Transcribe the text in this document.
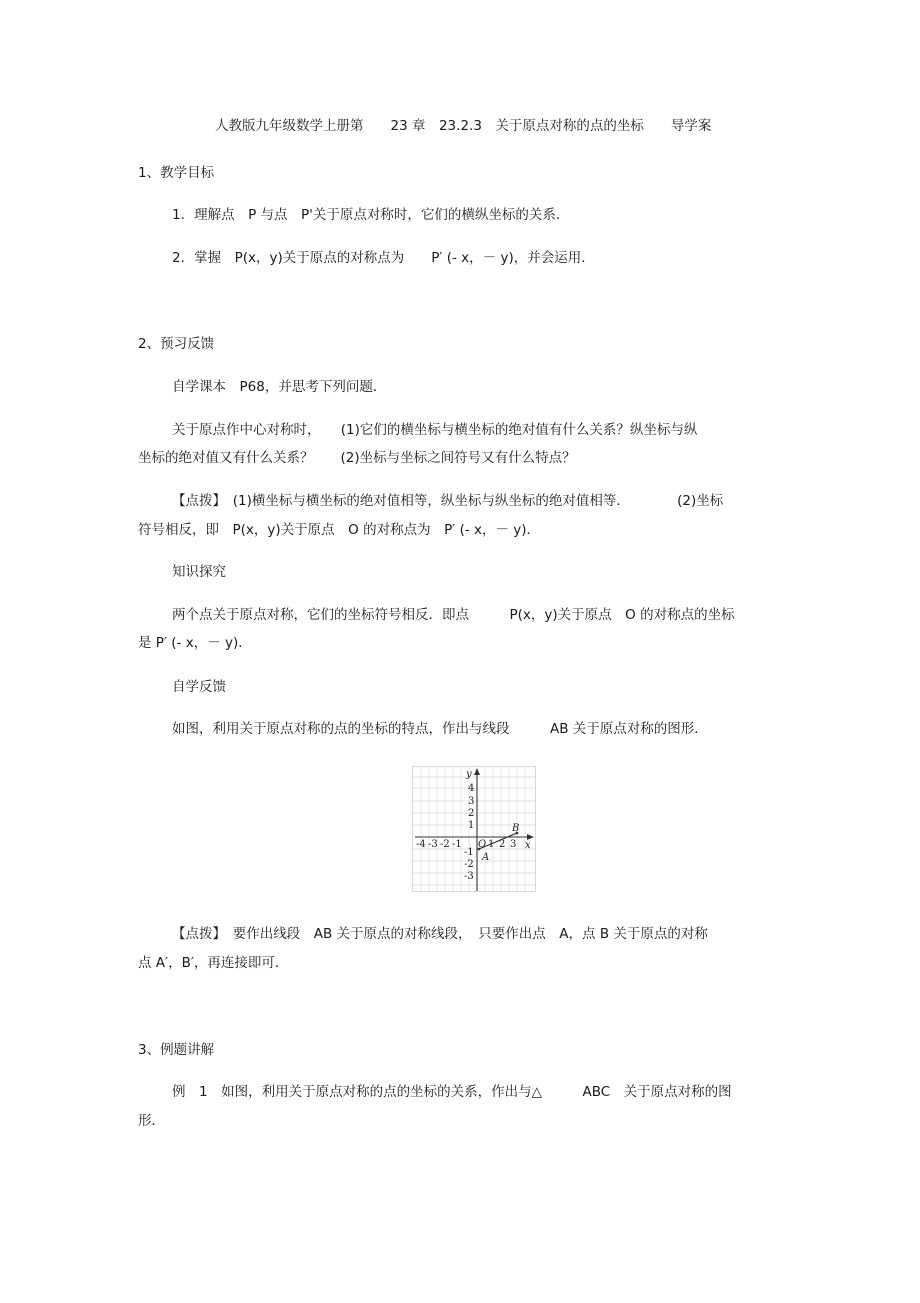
人教版九年级数学上册第　　23 章　23.2.3　关于原点对称的点的坐标　　导学案
1、教学目标
1．理解点　P 与点　P'关于原点对称时，它们的横纵坐标的关系．
2．掌握　P(x，y)关于原点的对称点为　　P′ (- x，－ y)，并会运用．
2、预习反馈
自学课本　P68，并思考下列问题．
关于原点作中心对称时，　　(1)它们的横坐标与横坐标的绝对值有什么关系？纵坐标与纵
坐标的绝对值又有什么关系？　　(2)坐标与坐标之间符号又有什么特点？
【点拨】　(1)横坐标与横坐标的绝对值相等，纵坐标与纵坐标的绝对值相等．　　　　(2)坐标
符号相反，即　P(x，y)关于原点　O 的对称点为　P′ (- x，－ y)．
知识探究
两个点关于原点对称，它们的坐标符号相反．即点　　　P(x，y)关于原点　O 的对称点的坐标
是 P′ (- x，－ y)．
自学反馈
如图，利用关于原点对称的点的坐标的特点，作出与线段　　　AB 关于原点对称的图形．
y
x
O
A
B
4
3
2
1
-1
-2
-3
-4 -3 -2 -1	1 2 3
【点拨】　要作出线段　AB 关于原点的对称线段，　只要作出点　A，点 B 关于原点的对称
点 A′，B′，再连接即可．
3、例题讲解
例　1　如图，利用关于原点对称的点的坐标的关系，作出与△　　　ABC　关于原点对称的图
形．
